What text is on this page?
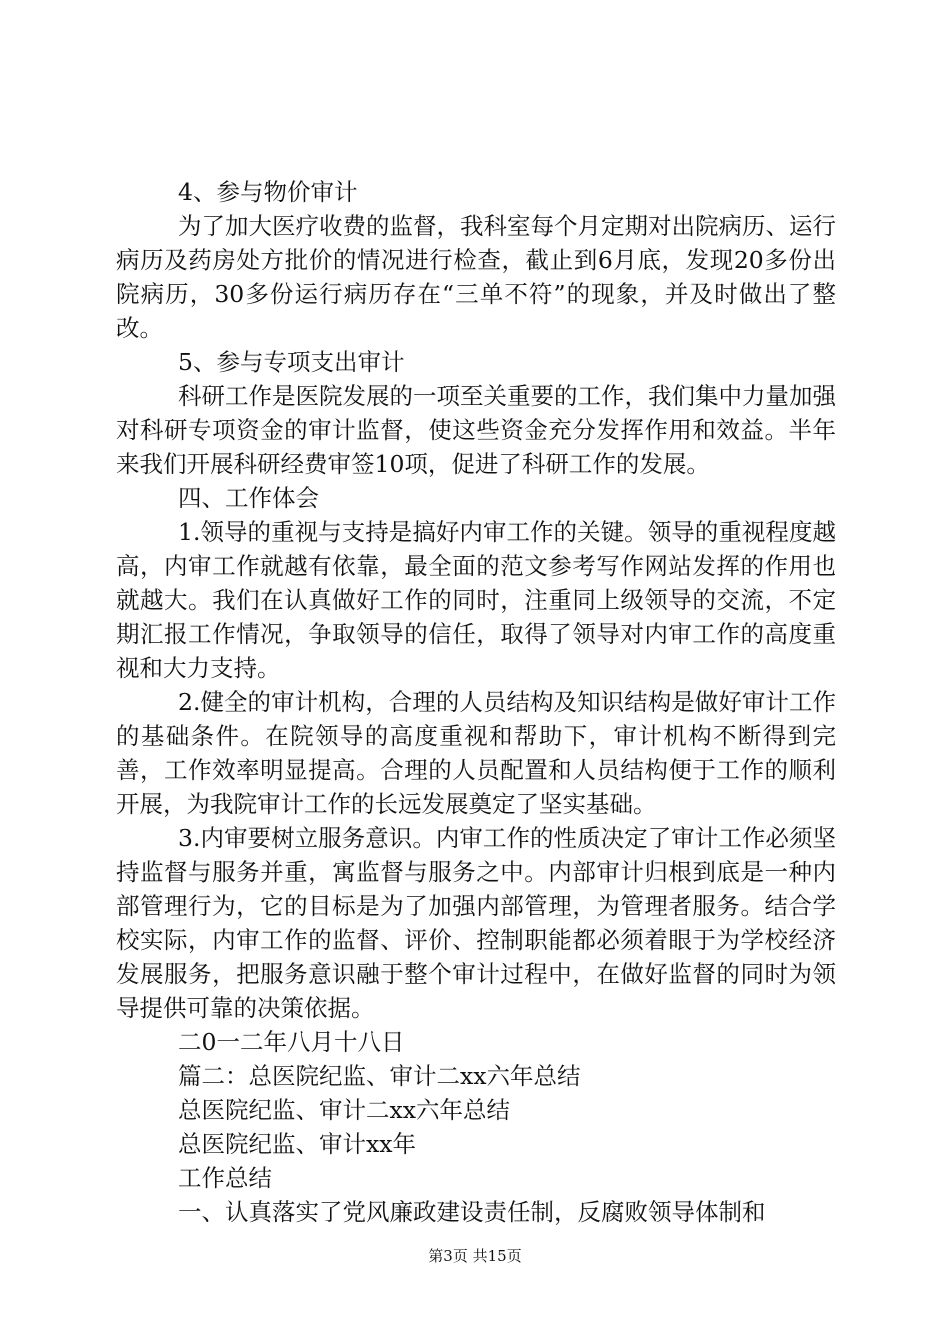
4、参与物价审计
为了加大医疗收费的监督，我科室每个月定期对出院病历、运行病历及药房处方批价的情况进行检查，截止到6月底，发现20多份出院病历，30多份运行病历存在“三单不符”的现象，并及时做出了整改。
5、参与专项支出审计
科研工作是医院发展的一项至关重要的工作，我们集中力量加强对科研专项资金的审计监督，使这些资金充分发挥作用和效益。半年来我们开展科研经费审签10项，促进了科研工作的发展。
四、工作体会
1.领导的重视与支持是搞好内审工作的关键。领导的重视程度越高，内审工作就越有依靠，最全面的范文参考写作网站发挥的作用也就越大。我们在认真做好工作的同时，注重同上级领导的交流，不定期汇报工作情况，争取领导的信任，取得了领导对内审工作的高度重视和大力支持。
2.健全的审计机构，合理的人员结构及知识结构是做好审计工作的基础条件。在院领导的高度重视和帮助下，审计机构不断得到完善，工作效率明显提高。合理的人员配置和人员结构便于工作的顺利开展，为我院审计工作的长远发展奠定了坚实基础。
3.内审要树立服务意识。内审工作的性质决定了审计工作必须坚持监督与服务并重，寓监督与服务之中。内部审计归根到底是一种内部管理行为，它的目标是为了加强内部管理，为管理者服务。结合学校实际，内审工作的监督、评价、控制职能都必须着眼于为学校经济发展服务，把服务意识融于整个审计过程中，在做好监督的同时为领导提供可靠的决策依据。
二0一二年八月十八日
篇二：总医院纪监、审计二xx六年总结
总医院纪监、审计二xx六年总结
总医院纪监、审计xx年
工作总结
一、认真落实了党风廉政建设责任制，反腐败领导体制和
第3页 共15页
